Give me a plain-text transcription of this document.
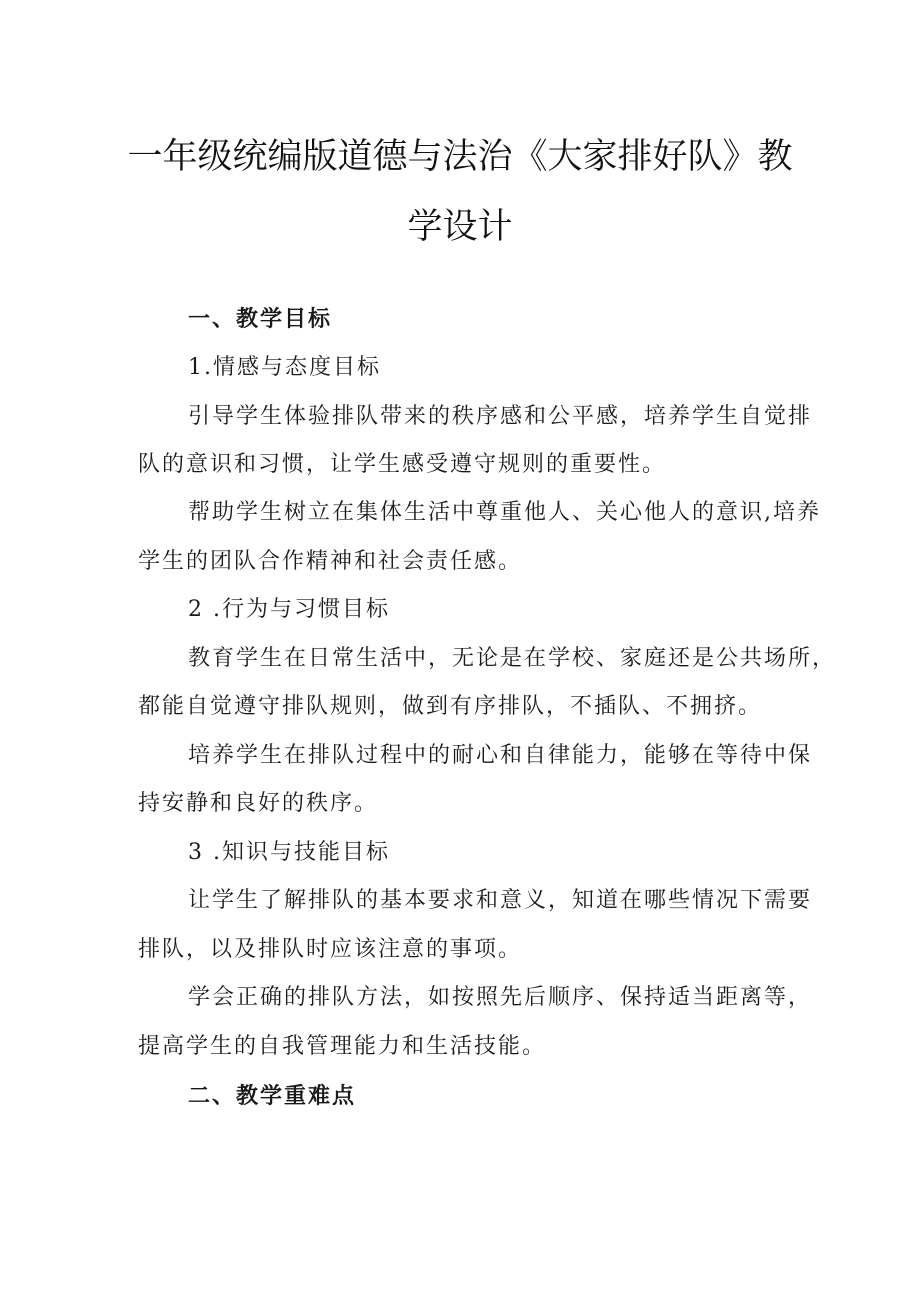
一年级统编版道德与法治《大家排好队》教
学设计
一、教学目标
1.情感与态度目标
引导学生体验排队带来的秩序感和公平感，培养学生自觉排
队的意识和习惯，让学生感受遵守规则的重要性。
帮助学生树立在集体生活中尊重他人、关心他人的意识,培养
学生的团队合作精神和社会责任感。
2 .行为与习惯目标
教育学生在日常生活中，无论是在学校、家庭还是公共场所，
都能自觉遵守排队规则，做到有序排队，不插队、不拥挤。
培养学生在排队过程中的耐心和自律能力，能够在等待中保
持安静和良好的秩序。
3 .知识与技能目标
让学生了解排队的基本要求和意义，知道在哪些情况下需要
排队，以及排队时应该注意的事项。
学会正确的排队方法，如按照先后顺序、保持适当距离等，
提高学生的自我管理能力和生活技能。
二、教学重难点
